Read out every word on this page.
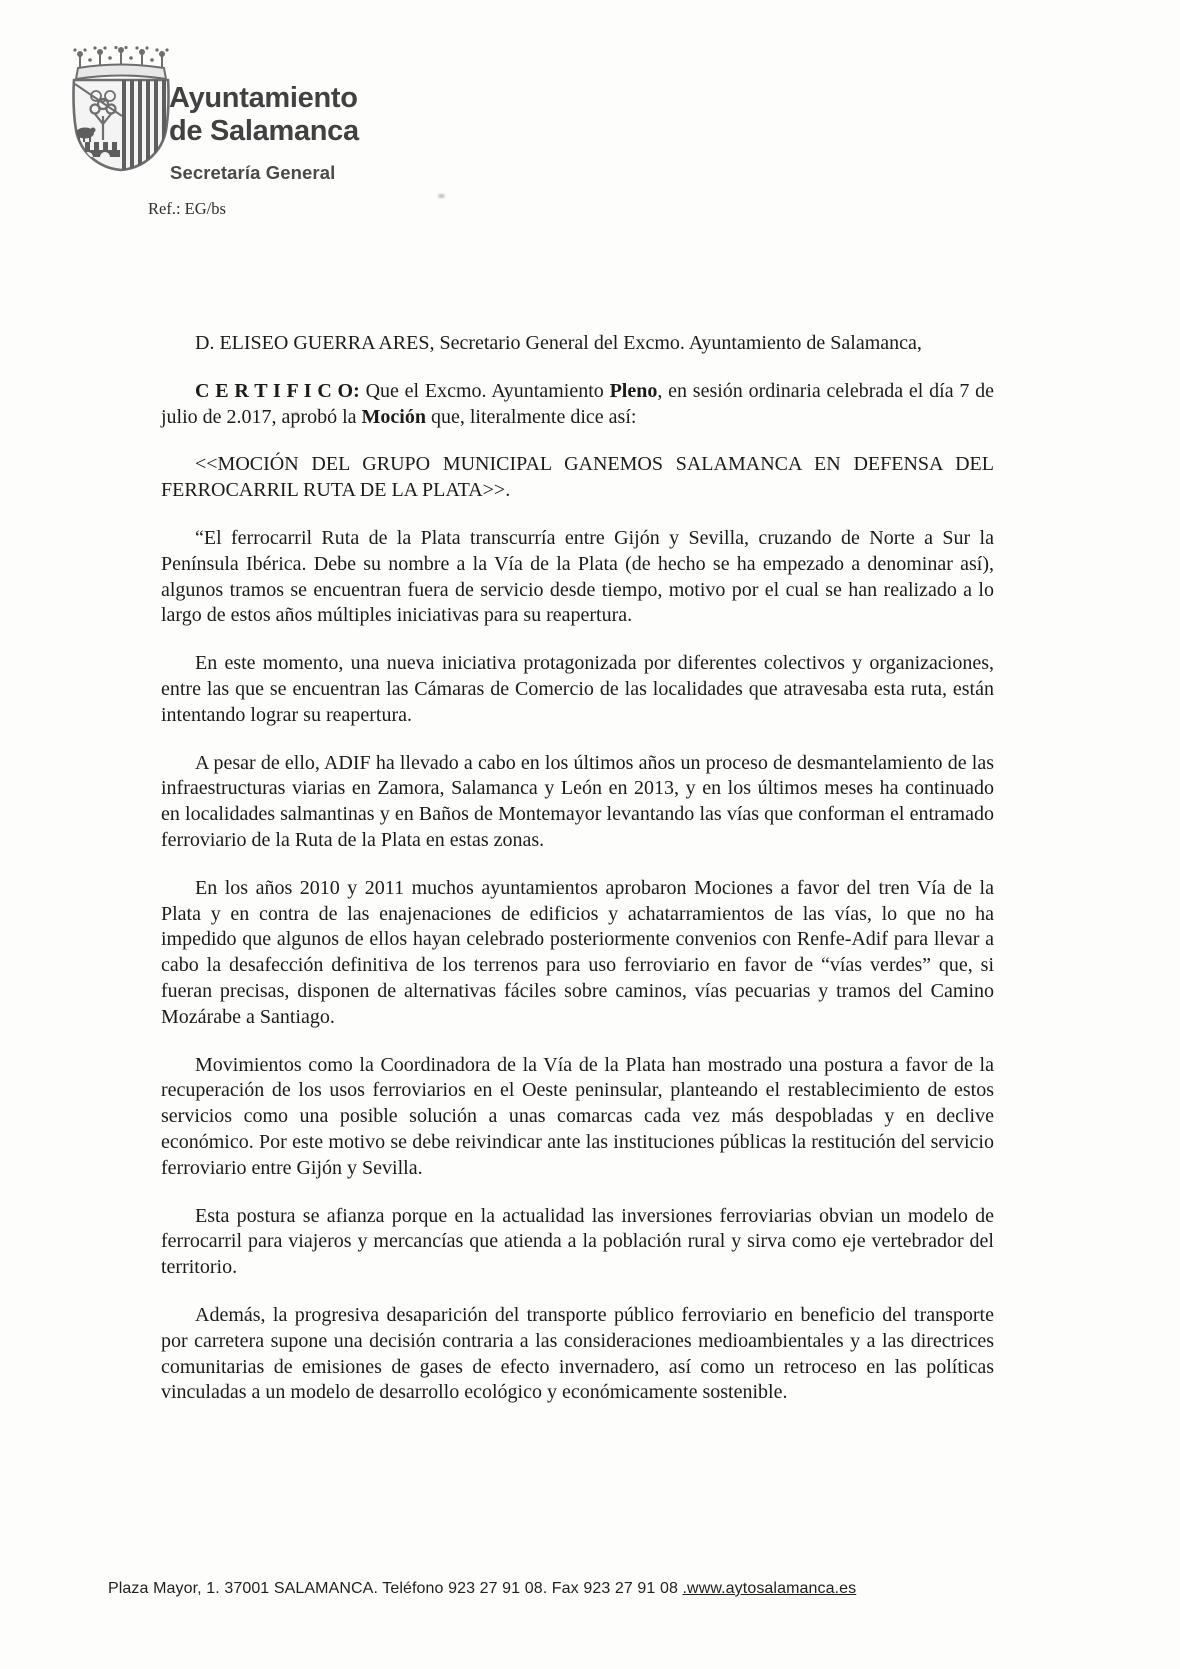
Ayuntamiento
de Salamanca
Secretaría General
Ref.: EG/bs

D. ELISEO GUERRA ARES, Secretario General del Excmo. Ayuntamiento de Salamanca,

C E R T I F I C O: Que el Excmo. Ayuntamiento Pleno, en sesión ordinaria celebrada el día 7 de julio de 2.017, aprobó la Moción que, literalmente dice así:

<<MOCIÓN DEL GRUPO MUNICIPAL GANEMOS SALAMANCA EN DEFENSA DEL FERROCARRIL RUTA DE LA PLATA>>.

“El ferrocarril Ruta de la Plata transcurría entre Gijón y Sevilla, cruzando de Norte a Sur la Península Ibérica. Debe su nombre a la Vía de la Plata (de hecho se ha empezado a denominar así), algunos tramos se encuentran fuera de servicio desde tiempo, motivo por el cual se han realizado a lo largo de estos años múltiples iniciativas para su reapertura.

En este momento, una nueva iniciativa protagonizada por diferentes colectivos y organizaciones, entre las que se encuentran las Cámaras de Comercio de las localidades que atravesaba esta ruta, están intentando lograr su reapertura.

A pesar de ello, ADIF ha llevado a cabo en los últimos años un proceso de desmantelamiento de las infraestructuras viarias en Zamora, Salamanca y León en 2013, y en los últimos meses ha continuado en localidades salmantinas y en Baños de Montemayor levantando las vías que conforman el entramado ferroviario de la Ruta de la Plata en estas zonas.

En los años 2010 y 2011 muchos ayuntamientos aprobaron Mociones a favor del tren Vía de la Plata y en contra de las enajenaciones de edificios y achatarramientos de las vías, lo que no ha impedido que algunos de ellos hayan celebrado posteriormente convenios con Renfe-Adif para llevar a cabo la desafección definitiva de los terrenos para uso ferroviario en favor de “vías verdes” que, si fueran precisas, disponen de alternativas fáciles sobre caminos, vías pecuarias y tramos del Camino Mozárabe a Santiago.

Movimientos como la Coordinadora de la Vía de la Plata han mostrado una postura a favor de la recuperación de los usos ferroviarios en el Oeste peninsular, planteando el restablecimiento de estos servicios como una posible solución a unas comarcas cada vez más despobladas y en declive económico. Por este motivo se debe reivindicar ante las instituciones públicas la restitución del servicio ferroviario entre Gijón y Sevilla.

Esta postura se afianza porque en la actualidad las inversiones ferroviarias obvian un modelo de ferrocarril para viajeros y mercancías que atienda a la población rural y sirva como eje vertebrador del territorio.

Además, la progresiva desaparición del transporte público ferroviario en beneficio del transporte por carretera supone una decisión contraria a las consideraciones medioambientales y a las directrices comunitarias de emisiones de gases de efecto invernadero, así como un retroceso en las políticas vinculadas a un modelo de desarrollo ecológico y económicamente sostenible.

Plaza Mayor, 1. 37001 SALAMANCA. Teléfono 923 27 91 08. Fax 923 27 91 08 .www.aytosalamanca.es
